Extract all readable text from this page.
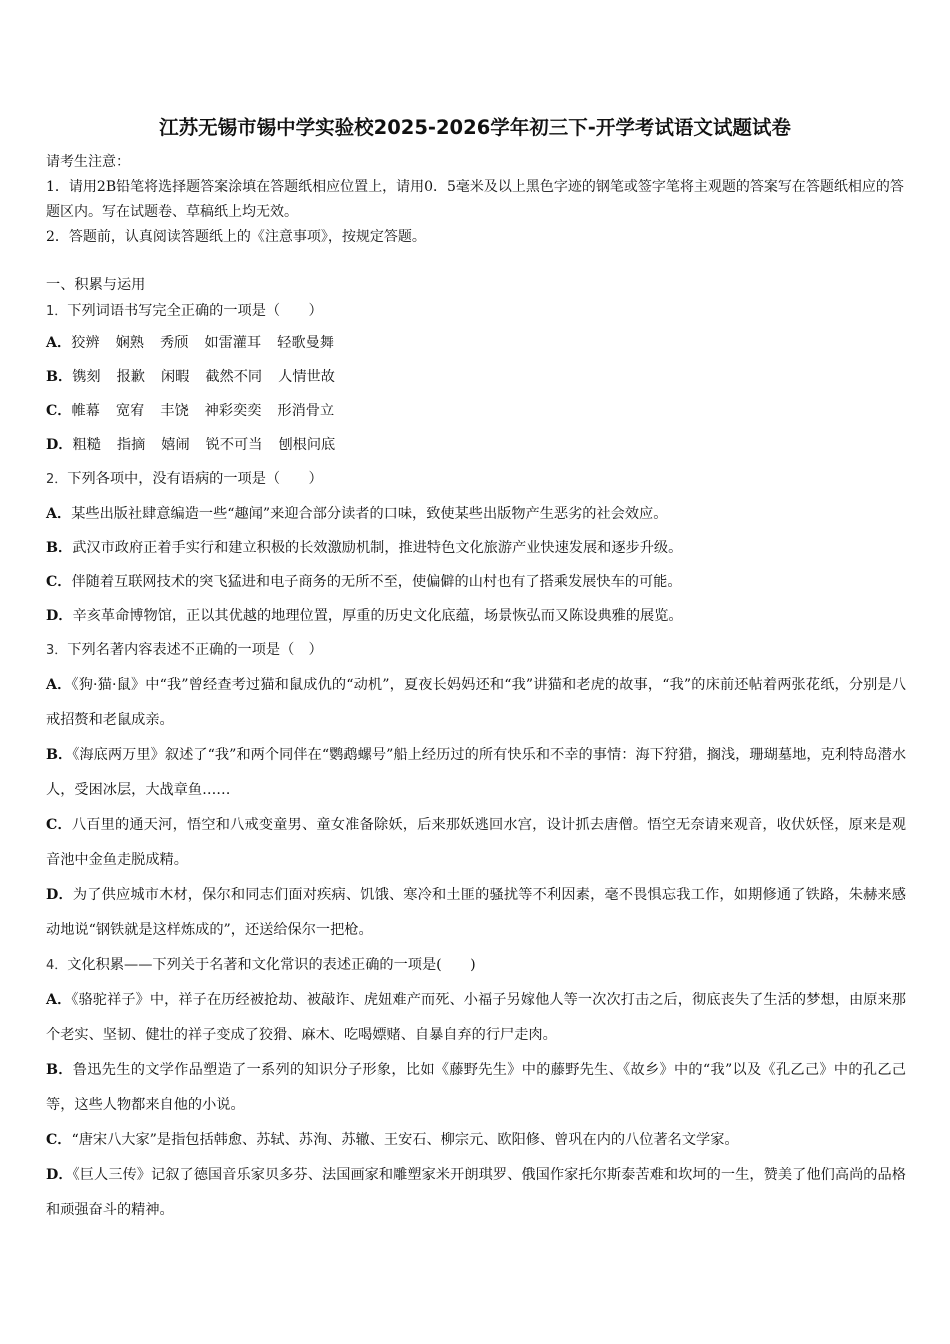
江苏无锡市锡中学实验校2025-2026学年初三下-开学考试语文试题试卷

请考生注意：

1．请用2B铅笔将选择题答案涂填在答题纸相应位置上，请用0．5毫米及以上黑色字迹的钢笔或签字笔将主观题的答案写在答题纸相应的答题区内。写在试题卷、草稿纸上均无效。

2．答题前，认真阅读答题纸上的《注意事项》，按规定答题。

一、积累与运用

1．下列词语书写完全正确的一项是（　　）

A．狡辨 娴熟 秀颀 如雷灌耳 轻歌曼舞

B．镌刻 报歉 闲暇 截然不同 人情世故

C．帷幕 宽宥 丰饶 神彩奕奕 形消骨立

D．粗糙 指摘 嬉闹 锐不可当 刨根问底

2．下列各项中，没有语病的一项是（　　）

A．某些出版社肆意编造一些“趣闻”来迎合部分读者的口味，致使某些出版物产生恶劣的社会效应。

B．武汉市政府正着手实行和建立积极的长效激励机制，推进特色文化旅游产业快速发展和逐步升级。

C．伴随着互联网技术的突飞猛进和电子商务的无所不至，使偏僻的山村也有了搭乘发展快车的可能。

D．辛亥革命博物馆，正以其优越的地理位置，厚重的历史文化底蕴，场景恢弘而又陈设典雅的展览。

3．下列名著内容表述不正确的一项是（　）

A．《狗·猫·鼠》中“我”曾经查考过猫和鼠成仇的“动机”，夏夜长妈妈还和“我”讲猫和老虎的故事，“我”的床前还帖着两张花纸，分别是八戒招赘和老鼠成亲。

B．《海底两万里》叙述了“我”和两个同伴在“鹦鹉螺号”船上经历过的所有快乐和不幸的事情：海下狩猎，搁浅，珊瑚墓地，克利特岛潜水人，受困冰层，大战章鱼……

C．八百里的通天河，悟空和八戒变童男、童女准备除妖，后来那妖逃回水宫，设计抓去唐僧。悟空无奈请来观音，收伏妖怪，原来是观音池中金鱼走脱成精。

D．为了供应城市木材，保尔和同志们面对疾病、饥饿、寒冷和土匪的骚扰等不利因素，毫不畏惧忘我工作，如期修通了铁路，朱赫来感动地说“钢铁就是这样炼成的”，还送给保尔一把枪。

4．文化积累——下列关于名著和文化常识的表述正确的一项是(　　)

A．《骆驼祥子》中，祥子在历经被抢劫、被敲诈、虎妞难产而死、小福子另嫁他人等一次次打击之后，彻底丧失了生活的梦想，由原来那个老实、坚韧、健壮的祥子变成了狡猾、麻木、吃喝嫖赌、自暴自弃的行尸走肉。

B．鲁迅先生的文学作品塑造了一系列的知识分子形象，比如《藤野先生》中的藤野先生、《故乡》中的“我”以及《孔乙己》中的孔乙己等，这些人物都来自他的小说。

C．“唐宋八大家”是指包括韩愈、苏轼、苏洵、苏辙、王安石、柳宗元、欧阳修、曾巩在内的八位著名文学家。

D．《巨人三传》记叙了德国音乐家贝多芬、法国画家和雕塑家米开朗琪罗、俄国作家托尔斯泰苦难和坎坷的一生，赞美了他们高尚的品格和顽强奋斗的精神。
